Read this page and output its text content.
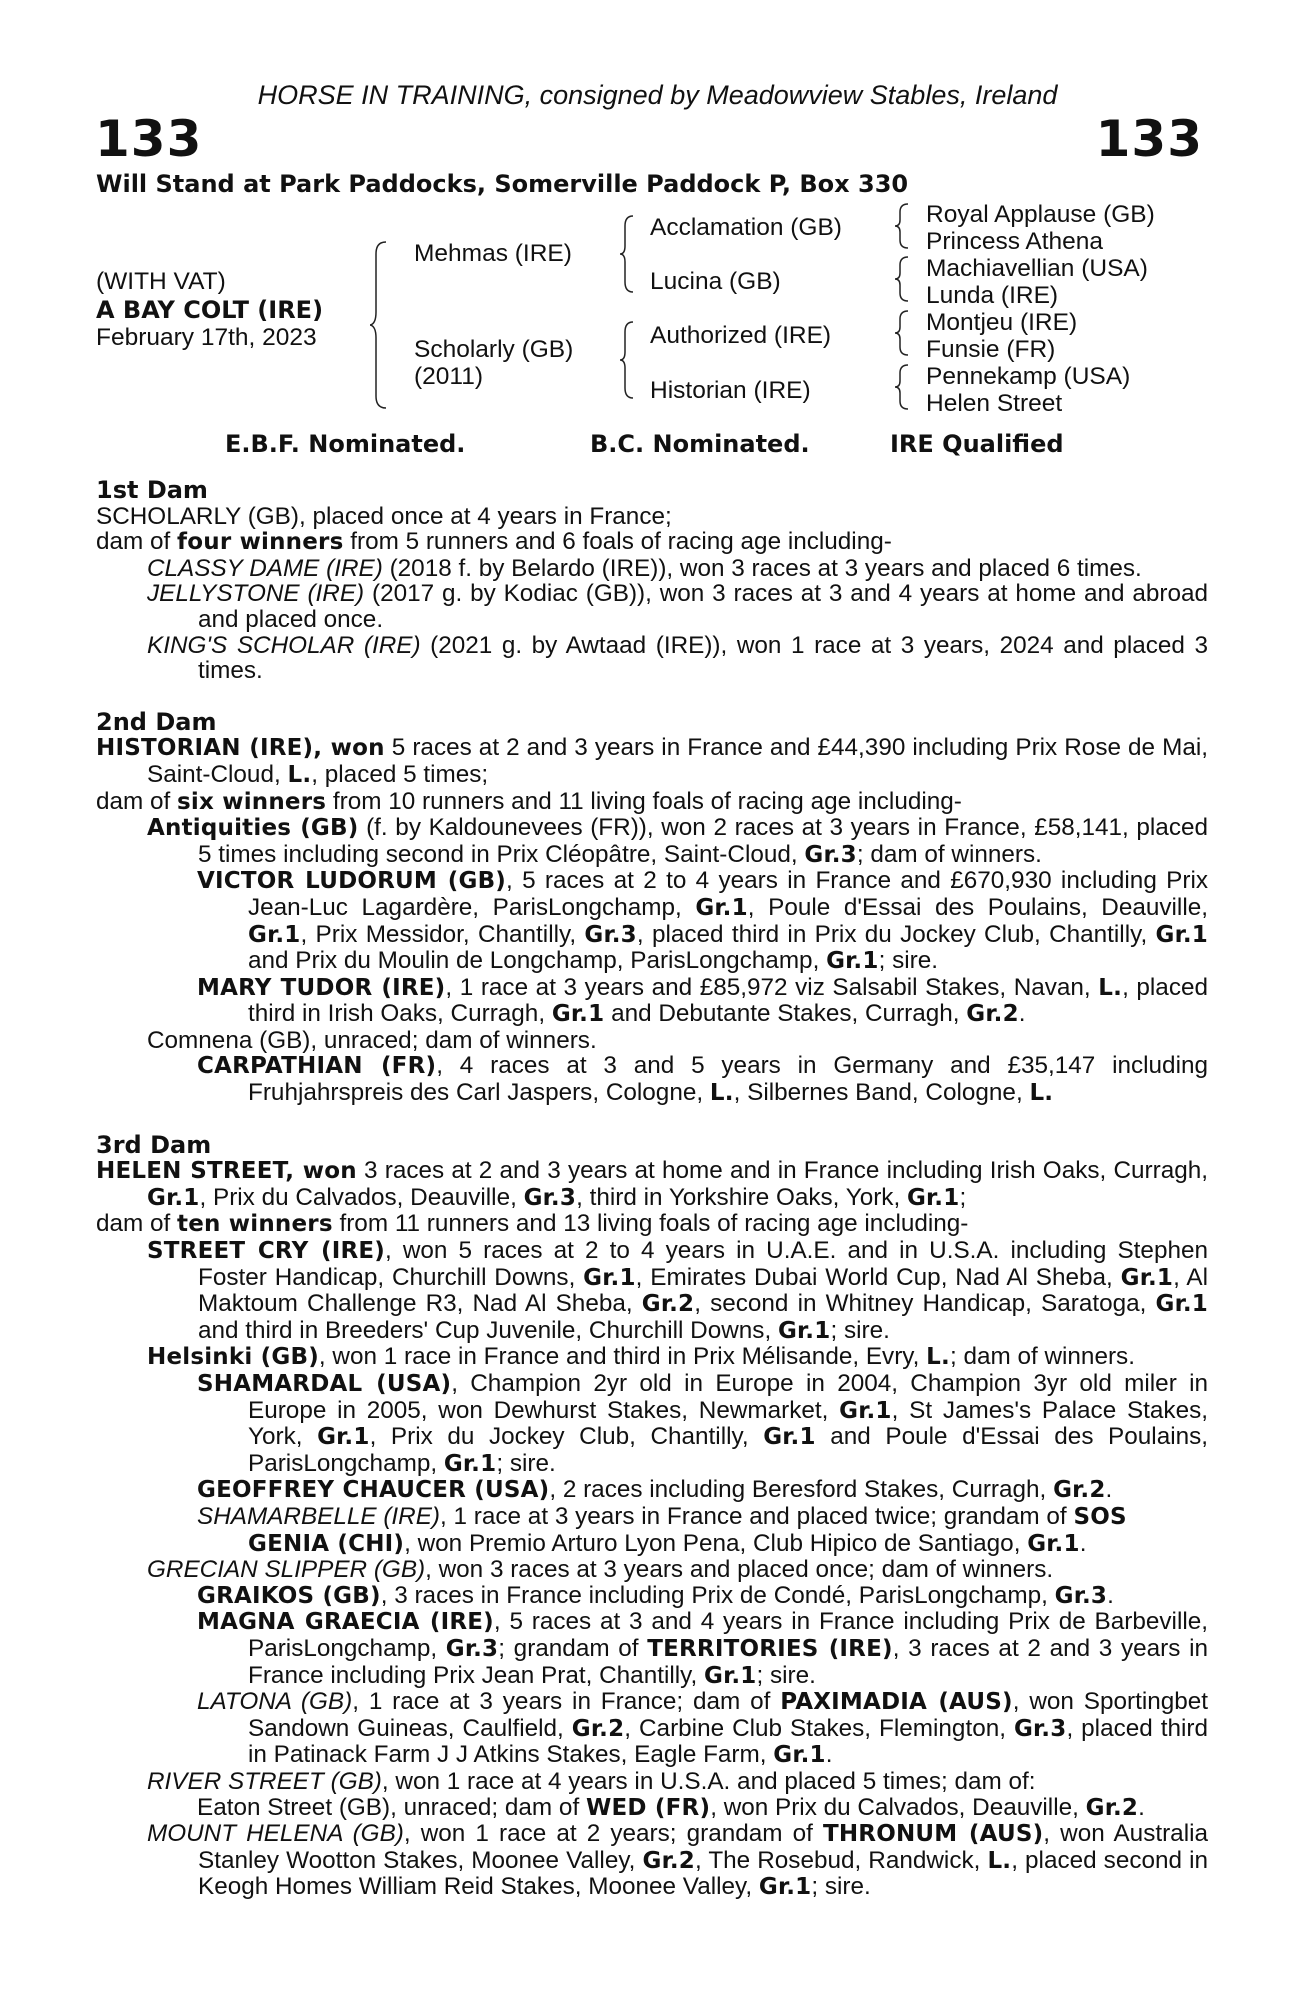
HORSE IN TRAINING, consigned by Meadowview Stables, Ireland
133	133
Will Stand at Park Paddocks, Somerville Paddock P, Box 330
(WITH VAT)
A BAY COLT (IRE)
February 17th, 2023
Mehmas (IRE)
Scholarly (GB)
(2011)
Acclamation (GB)
Lucina (GB)
Authorized (IRE)
Historian (IRE)
Royal Applause (GB)
Princess Athena
Machiavellian (USA)
Lunda (IRE)
Montjeu (IRE)
Funsie (FR)
Pennekamp (USA)
Helen Street
E.B.F. Nominated.	B.C. Nominated.	IRE Qualified
1st Dam
SCHOLARLY (GB), placed once at 4 years in France;
dam of four winners from 5 runners and 6 foals of racing age including-
CLASSY DAME (IRE) (2018 f. by Belardo (IRE)), won 3 races at 3 years and placed 6 times.
JELLYSTONE (IRE) (2017 g. by Kodiac (GB)), won 3 races at 3 and 4 years at home and abroad and placed once.
KING'S SCHOLAR (IRE) (2021 g. by Awtaad (IRE)), won 1 race at 3 years, 2024 and placed 3 times.
2nd Dam
HISTORIAN (IRE), won 5 races at 2 and 3 years in France and £44,390 including Prix Rose de Mai, Saint-Cloud, L., placed 5 times;
dam of six winners from 10 runners and 11 living foals of racing age including-
Antiquities (GB) (f. by Kaldounevees (FR)), won 2 races at 3 years in France, £58,141, placed 5 times including second in Prix Cléopâtre, Saint-Cloud, Gr.3; dam of winners.
VICTOR LUDORUM (GB), 5 races at 2 to 4 years in France and £670,930 including Prix Jean-Luc Lagardère, ParisLongchamp, Gr.1, Poule d'Essai des Poulains, Deauville, Gr.1, Prix Messidor, Chantilly, Gr.3, placed third in Prix du Jockey Club, Chantilly, Gr.1 and Prix du Moulin de Longchamp, ParisLongchamp, Gr.1; sire.
MARY TUDOR (IRE), 1 race at 3 years and £85,972 viz Salsabil Stakes, Navan, L., placed third in Irish Oaks, Curragh, Gr.1 and Debutante Stakes, Curragh, Gr.2.
Comnena (GB), unraced; dam of winners.
CARPATHIAN (FR), 4 races at 3 and 5 years in Germany and £35,147 including Fruhjahrspreis des Carl Jaspers, Cologne, L., Silbernes Band, Cologne, L.
3rd Dam
HELEN STREET, won 3 races at 2 and 3 years at home and in France including Irish Oaks, Curragh, Gr.1, Prix du Calvados, Deauville, Gr.3, third in Yorkshire Oaks, York, Gr.1;
dam of ten winners from 11 runners and 13 living foals of racing age including-
STREET CRY (IRE), won 5 races at 2 to 4 years in U.A.E. and in U.S.A. including Stephen Foster Handicap, Churchill Downs, Gr.1, Emirates Dubai World Cup, Nad Al Sheba, Gr.1, Al Maktoum Challenge R3, Nad Al Sheba, Gr.2, second in Whitney Handicap, Saratoga, Gr.1 and third in Breeders' Cup Juvenile, Churchill Downs, Gr.1; sire.
Helsinki (GB), won 1 race in France and third in Prix Mélisande, Evry, L.; dam of winners.
SHAMARDAL (USA), Champion 2yr old in Europe in 2004, Champion 3yr old miler in Europe in 2005, won Dewhurst Stakes, Newmarket, Gr.1, St James's Palace Stakes, York, Gr.1, Prix du Jockey Club, Chantilly, Gr.1 and Poule d'Essai des Poulains, ParisLongchamp, Gr.1; sire.
GEOFFREY CHAUCER (USA), 2 races including Beresford Stakes, Curragh, Gr.2.
SHAMARBELLE (IRE), 1 race at 3 years in France and placed twice; grandam of SOS
GENIA (CHI), won Premio Arturo Lyon Pena, Club Hipico de Santiago, Gr.1.
GRECIAN SLIPPER (GB), won 3 races at 3 years and placed once; dam of winners.
GRAIKOS (GB), 3 races in France including Prix de Condé, ParisLongchamp, Gr.3.
MAGNA GRAECIA (IRE), 5 races at 3 and 4 years in France including Prix de Barbeville, ParisLongchamp, Gr.3; grandam of TERRITORIES (IRE), 3 races at 2 and 3 years in France including Prix Jean Prat, Chantilly, Gr.1; sire.
LATONA (GB), 1 race at 3 years in France; dam of PAXIMADIA (AUS), won Sportingbet Sandown Guineas, Caulfield, Gr.2, Carbine Club Stakes, Flemington, Gr.3, placed third in Patinack Farm J J Atkins Stakes, Eagle Farm, Gr.1.
RIVER STREET (GB), won 1 race at 4 years in U.S.A. and placed 5 times; dam of:
Eaton Street (GB), unraced; dam of WED (FR), won Prix du Calvados, Deauville, Gr.2.
MOUNT HELENA (GB), won 1 race at 2 years; grandam of THRONUM (AUS), won Australia Stanley Wootton Stakes, Moonee Valley, Gr.2, The Rosebud, Randwick, L., placed second in Keogh Homes William Reid Stakes, Moonee Valley, Gr.1; sire.
